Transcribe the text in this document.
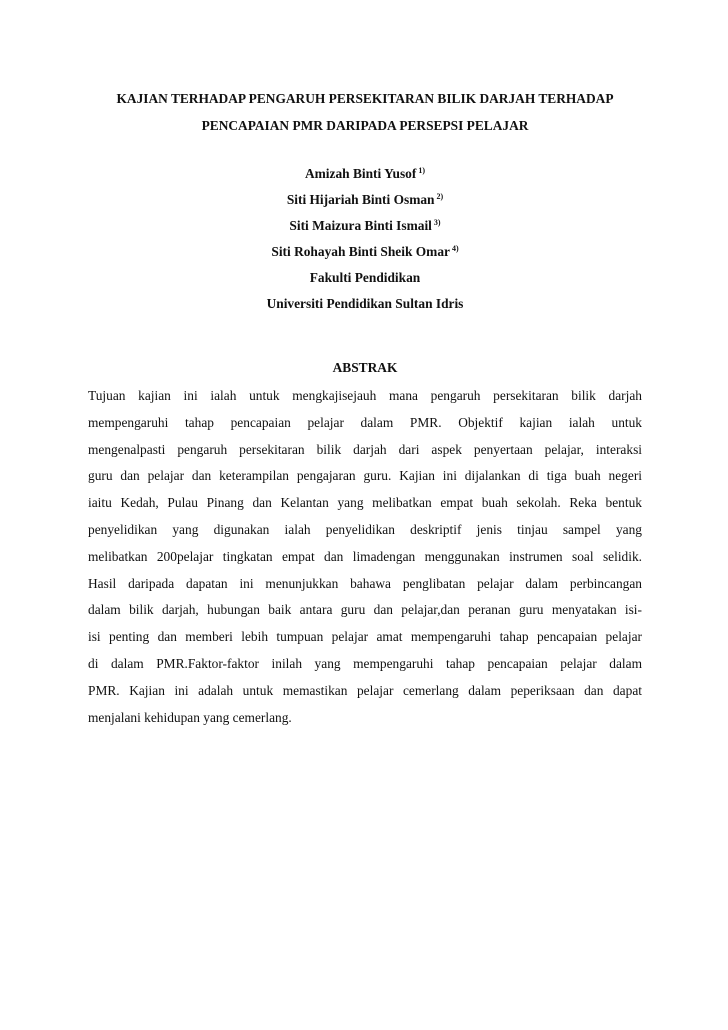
KAJIAN TERHADAP PENGARUH PERSEKITARAN BILIK DARJAH TERHADAP
PENCAPAIAN PMR DARIPADA PERSEPSI PELAJAR
Amizah Binti Yusof $^{1)}$
Siti Hijariah Binti Osman $^{2)}$
Siti Maizura Binti Ismail $^{3)}$
Siti Rohayah Binti Sheik Omar $^{4)}$
Fakulti Pendidikan
Universiti Pendidikan Sultan Idris
ABSTRAK
Tujuan kajian ini ialah untuk mengkajisejauh mana pengaruh persekitaran bilik darjah
mempengaruhi tahap pencapaian pelajar dalam PMR. Objektif kajian ialah untuk
mengenalpasti pengaruh persekitaran bilik darjah dari aspek penyertaan pelajar, interaksi
guru dan pelajar dan keterampilan pengajaran guru. Kajian ini dijalankan di tiga buah negeri
iaitu Kedah, Pulau Pinang dan Kelantan yang melibatkan empat buah sekolah. Reka bentuk
penyelidikan yang digunakan ialah penyelidikan deskriptif jenis tinjau sampel yang
melibatkan 200pelajar tingkatan empat dan limadengan menggunakan instrumen soal selidik.
Hasil daripada dapatan ini menunjukkan bahawa penglibatan pelajar dalam perbincangan
dalam bilik darjah, hubungan baik antara guru dan pelajar,dan peranan guru menyatakan isi-
isi penting dan memberi lebih tumpuan pelajar amat mempengaruhi tahap pencapaian pelajar
di dalam PMR.Faktor-faktor inilah yang mempengaruhi tahap pencapaian pelajar dalam
PMR. Kajian ini adalah untuk memastikan pelajar cemerlang dalam peperiksaan dan dapat
menjalani kehidupan yang cemerlang.
